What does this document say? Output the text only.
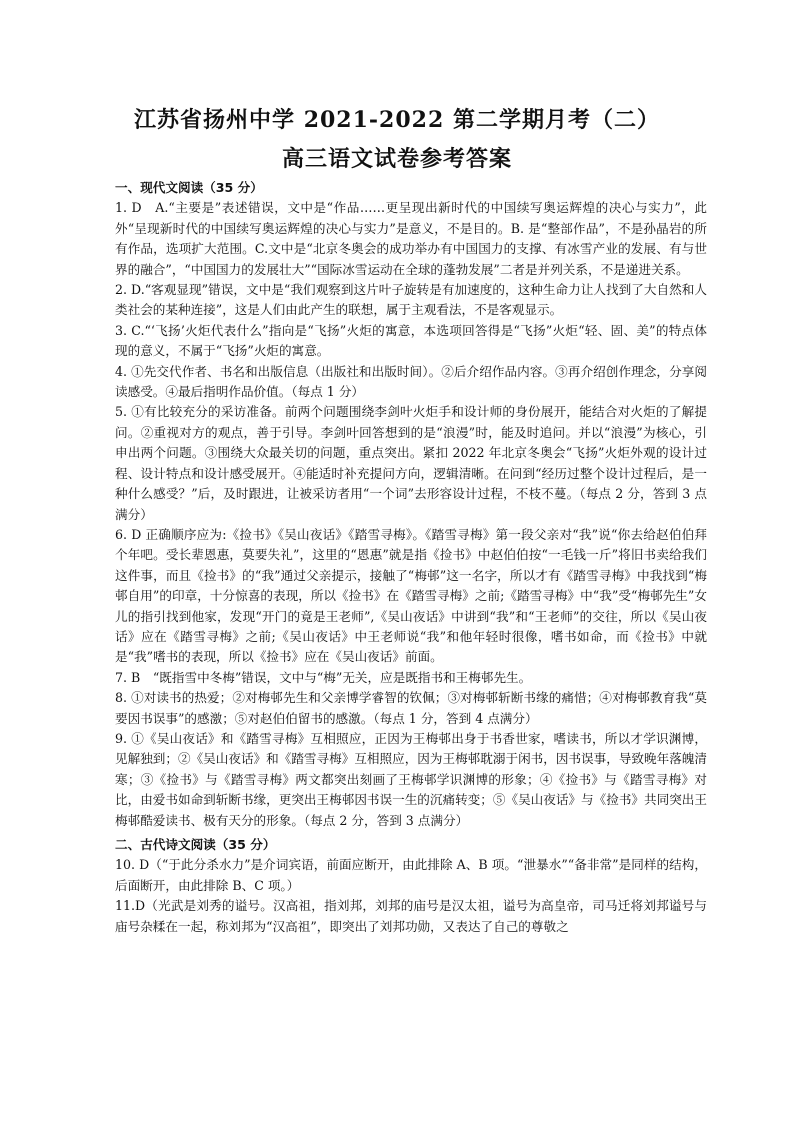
江苏省扬州中学 2021-2022 第二学期月考（二）
高三语文试卷参考答案

一、现代文阅读（35 分）

1. D　A.“主要是”表述错误，文中是“作品……更呈现出新时代的中国续写奥运辉煌的决心与实力”，此外“呈现新时代的中国续写奥运辉煌的决心与实力”是意义，不是目的。B. 是“整部作品”，不是孙晶岩的所有作品，选项扩大范围。C.文中是“北京冬奥会的成功举办有中国国力的支撑、有冰雪产业的发展、有与世界的融合”，“中国国力的发展壮大”“国际冰雪运动在全球的蓬勃发展”二者是并列关系，不是递进关系。

2. D.“客观显现”错误，文中是“我们观察到这片叶子旋转是有加速度的，这种生命力让人找到了大自然和人类社会的某种连接”，这是人们由此产生的联想，属于主观看法，不是客观显示。

3. C.“‘飞扬’火炬代表什么”指向是“飞扬”火炬的寓意，本选项回答得是“飞扬”火炬“轻、固、美”的特点体现的意义，不属于“飞扬”火炬的寓意。

4. ①先交代作者、书名和出版信息（出版社和出版时间）。②后介绍作品内容。③再介绍创作理念，分享阅读感受。④最后指明作品价值。（每点 1 分）

5. ①有比较充分的采访准备。前两个问题围绕李剑叶火炬手和设计师的身份展开，能结合对火炬的了解提问。②重视对方的观点，善于引导。李剑叶回答想到的是“浪漫”时，能及时追问。并以“浪漫”为核心，引申出两个问题。③围绕大众最关切的问题，重点突出。紧扣 2022 年北京冬奥会“飞扬”火炬外观的设计过程、设计特点和设计感受展开。④能适时补充提问方向，逻辑清晰。在问到“经历过整个设计过程后，是一种什么感受？”后，及时跟进，让被采访者用“一个词”去形容设计过程，不枝不蔓。（每点 2 分，答到 3 点满分）

6. D 正确顺序应为:《捡书》《吴山夜话》《踏雪寻梅》。《踏雪寻梅》第一段父亲对“我”说“你去给赵伯伯拜个年吧。受长辈恩惠，莫要失礼”，这里的“恩惠”就是指《捡书》中赵伯伯按“一毛钱一斤”将旧书卖给我们这件事，而且《捡书》的“我”通过父亲提示，接触了“梅邨”这一名字，所以才有《踏雪寻梅》中我找到“梅邨自用”的印章，十分惊喜的表现，所以《捡书》在《踏雪寻梅》之前;《踏雪寻梅》中“我”受“梅邨先生”女儿的指引找到他家，发现“开门的竟是王老师”,《吴山夜话》中讲到“我”和“王老师”的交往，所以《吴山夜话》应在《踏雪寻梅》之前;《吴山夜话》中王老师说“我”和他年轻时很像，嗜书如命，而《捡书》中就是“我”嗜书的表现，所以《捡书》应在《吴山夜话》前面。

7. B　“既指雪中冬梅”错误，文中与“梅”无关，应是既指书和王梅邨先生。

8. ①对读书的热爱；②对梅邨先生和父亲博学睿智的钦佩；③对梅邨斩断书缘的痛惜；④对梅邨教育我“莫要因书误事”的感激；⑤对赵伯伯留书的感激。（每点 1 分，答到 4 点满分）

9. ①《吴山夜话》和《踏雪寻梅》互相照应，正因为王梅邨出身于书香世家，嗜读书，所以才学识渊博，见解独到；②《吴山夜话》和《踏雪寻梅》互相照应，因为王梅邨耽溺于闲书，因书误事，导致晚年落魄清寒；③《捡书》与《踏雪寻梅》两文都突出刻画了王梅邨学识渊博的形象；④《捡书》与《踏雪寻梅》对比，由爱书如命到斩断书缘，更突出王梅邨因书误一生的沉痛转变；⑤《吴山夜话》与《捡书》共同突出王梅邨酷爱读书、极有天分的形象。（每点 2 分，答到 3 点满分）

二、古代诗文阅读（35 分）

10. D（“于此分杀水力”是介词宾语，前面应断开，由此排除 A、B 项。“泄暴水”“备非常”是同样的结构，后面断开，由此排除 B、C 项。）

11.D（光武是刘秀的谥号。汉高祖，指刘邦，刘邦的庙号是汉太祖，谥号为高皇帝，司马迁将刘邦谥号与庙号杂糅在一起，称刘邦为“汉高祖”，即突出了刘邦功勋，又表达了自己的尊敬之
